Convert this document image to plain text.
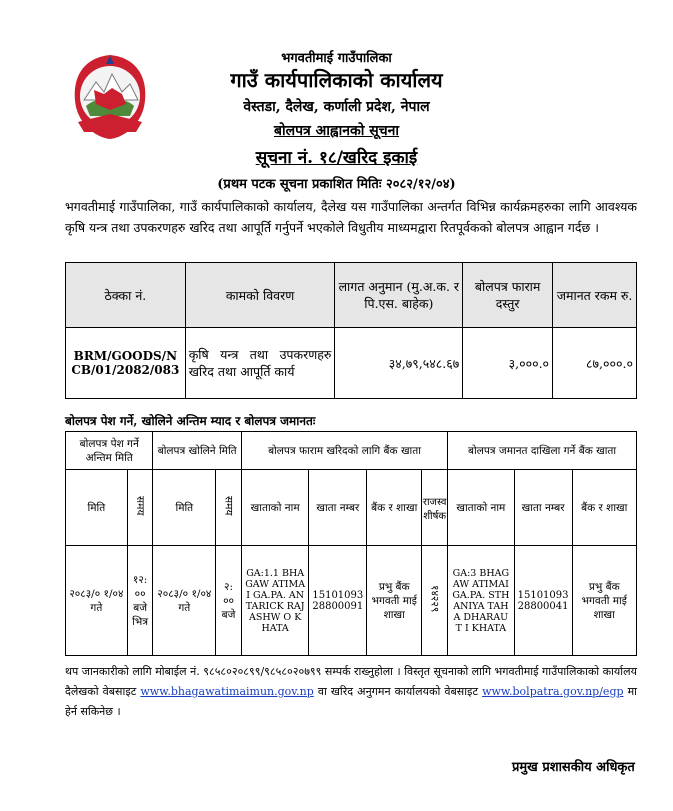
भगवतीमाई गाउँपालिका
गाउँ कार्यपालिकाको कार्यालय
वेस्तडा, दैलेख, कर्णाली प्रदेश, नेपाल
बोलपत्र आह्वानको सूचना
सूचना नं. १८/खरिद इकाई
(प्रथम पटक सूचना प्रकाशित मितिः २०८२/१२/०४)

भगवतीमाई गाउँपालिका, गाउँ कार्यपालिकाको कार्यालय, दैलेख यस गाउँपालिका अन्तर्गत विभिन्न कार्यक्रमहरुका लागि आवश्यक कृषि यन्त्र तथा उपकरणहरु खरिद तथा आपूर्ति गर्नुपर्ने भएकोले विधुतीय माध्यमद्वारा रितपूर्वककाे बोलपत्र आह्वान गर्दछ ।

ठेक्का नं.	कामको विवरण	लागत अनुमान (मु.अ.क. र पि.एस. बाहेक)	बोलपत्र फाराम दस्तुर	जमानत रकम रु.
BRM/GOODS/NCB/01/2082/083	कृषि यन्त्र तथा उपकरणहरु खरिद तथा आपूर्ति कार्य	३४,७९,५४८.६७	३,०००.०	८७,०००.०

बोलपत्र पेश गर्ने, खोलिने अन्तिम म्याद र बोलपत्र जमानतः

बोलपत्र पेश गर्ने अन्तिम मिति		बोलपत्र खोलिने मिति		बोलपत्र फाराम खरिदको लागि बैंक खाता				बोलपत्र जमानत दाखिला गर्ने बैंक खाता		
मिति	समय	मिति	समय	खाताको नाम	खाता नम्बर	बैंक र शाखा	राजस्व शीर्षक	खाताको नाम	खाता नम्बर	बैंक र शाखा
२०८३/० १/०४ गते	१२: ०० बजे भित्र	२०८३/० १/०४ गते	२: ०० बजे	GA:1.1 BHAGAW ATIMAI GA.PA. ANTARICK RAJASHW O KHATA	15101093 28800091	प्रभु बैंक भगवती माई शाखा	१४२२९	GA:3 BHAGAW ATIMAI GA.PA. STHANIYA TAHA DHARAUT I KHATA	15101093 28800041	प्रभु बैंक भगवती माई शाखा

थप जानकारीको लागि मोबाईल नं. ९८५८०२०८९९/९८५८०२०७९९ सम्पर्क राख्नुहोला । विस्तृत सूचनाको लागि भगवतीमाई गाउँपालिकाको कार्यालय दैलेखको वेबसाइट www.bhagawatimaimun.gov.np वा खरिद अनुगमन कार्यालयको वेबसाइट www.bolpatra.gov.np/egp मा हेर्न सकिनेछ ।

प्रमुख प्रशासकीय अधिकृत
